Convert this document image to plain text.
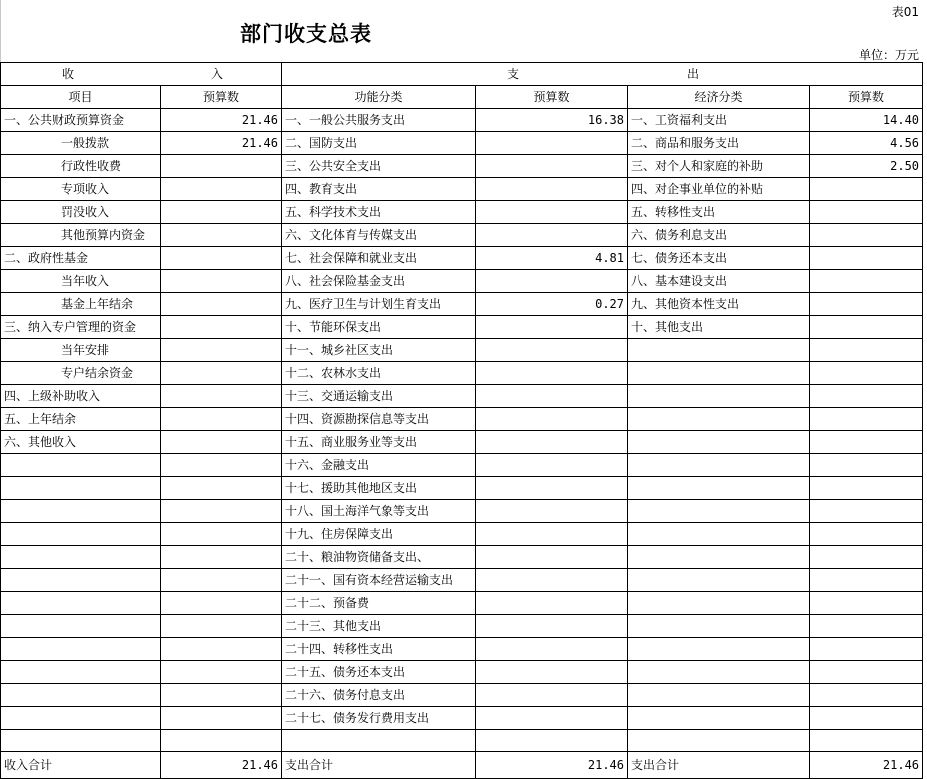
表01
部门收支总表
单位：万元
收 入		支 出			

项目	预算数	功能分类	预算数	经济分类	预算数
一、公共财政预算资金	21.46	一、一般公共服务支出	16.38	一、工资福利支出	14.40
一般拨款	21.46	二、国防支出		二、商品和服务支出	4.56
行政性收费		三、公共安全支出		三、对个人和家庭的补助	2.50
专项收入		四、教育支出		四、对企事业单位的补贴	
罚没收入		五、科学技术支出		五、转移性支出	
其他预算内资金		六、文化体育与传媒支出		六、债务利息支出	
二、政府性基金		七、社会保障和就业支出	4.81	七、债务还本支出	
当年收入		八、社会保险基金支出		八、基本建设支出	
基金上年结余		九、医疗卫生与计划生育支出	0.27	九、其他资本性支出	
三、纳入专户管理的资金		十、节能环保支出		十、其他支出	
当年安排		十一、城乡社区支出			
专户结余资金		十二、农林水支出			
四、上级补助收入		十三、交通运输支出			
五、上年结余		十四、资源勘探信息等支出			
六、其他收入		十五、商业服务业等支出			
		十六、金融支出			
		十七、援助其他地区支出			
		十八、国土海洋气象等支出			
		十九、住房保障支出			
		二十、粮油物资储备支出、			
		二十一、国有资本经营运输支出			
		二十二、预备费			
		二十三、其他支出			
		二十四、转移性支出			
		二十五、债务还本支出			
		二十六、债务付息支出			
		二十七、债务发行费用支出			

收入合计	21.46	支出合计	21.46	支出合计	21.46
